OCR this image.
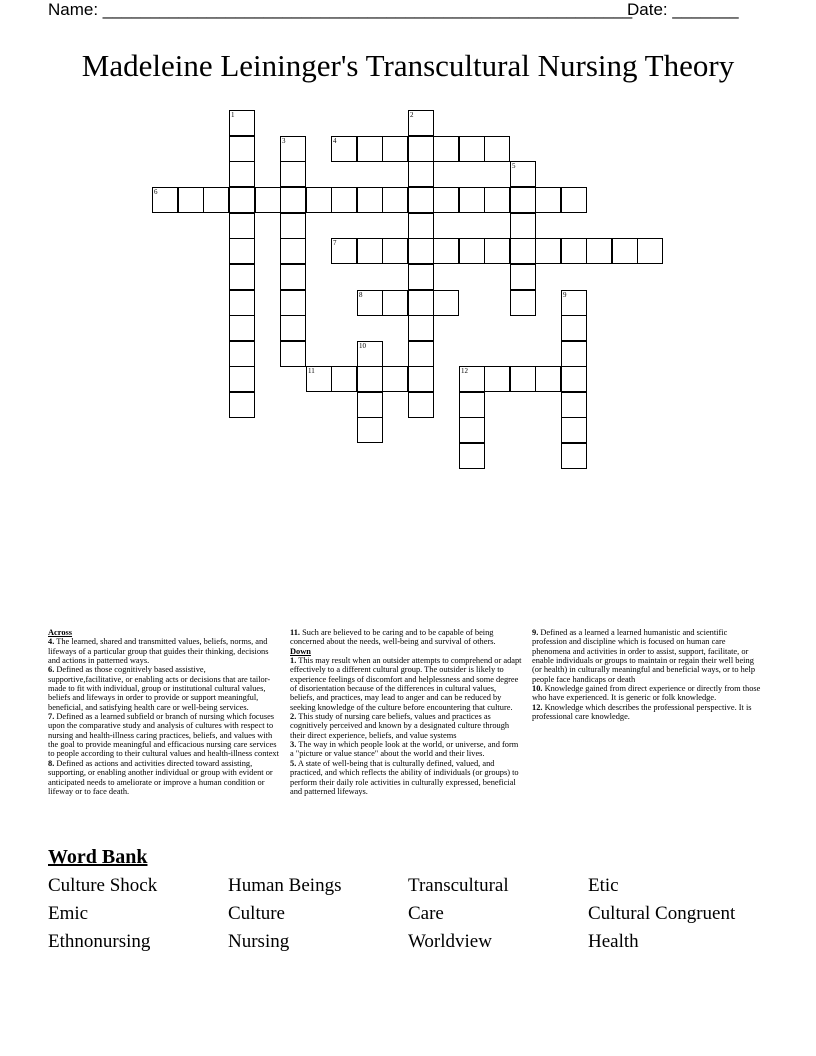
Name: ________________________________________________________
Date: _______
Madeleine Leininger's Transcultural Nursing Theory
1	2
3	4
5
6
7
8	9
10
11	12
Across
4. The learned, shared and transmitted values, beliefs, norms, and lifeways of a particular group that guides their thinking, decisions and actions in patterned ways.
6. Defined as those cognitively based assistive, supportive,facilitative, or enabling acts or decisions that are tailor-made to fit with individual, group or institutional cultural values, beliefs and lifeways in order to provide or support meaningful, beneficial, and satisfying health care or well-being services.
7. Defined as a learned subfield or branch of nursing which focuses upon the comparative study and analysis of cultures with respect to nursing and health-illness caring practices, beliefs, and values with the goal to provide meaningful and efficacious nursing care services to people according to their cultural values and health-illness context
8. Defined as actions and activities directed toward assisting, supporting, or enabling another individual or group with evident or anticipated needs to ameliorate or improve a human condition or lifeway or to face death.
11. Such are believed to be caring and to be capable of being concerned about the needs, well-being and survival of others.
Down
1. This may result when an outsider attempts to comprehend or adapt effectively to a different cultural group. The outsider is likely to experience feelings of discomfort and helplessness and some degree of disorientation because of the differences in cultural values, beliefs, and practices, may lead to anger and can be reduced by seeking knowledge of the culture before encountering that culture.
2. This study of nursing care beliefs, values and practices as cognitively perceived and known by a designated culture through their direct experience, beliefs, and value systems
3. The way in which people look at the world, or universe, and form a "picture or value stance" about the world and their lives.
5. A state of well-being that is culturally defined, valued, and practiced, and which reflects the ability of individuals (or groups) to perform their daily role activities in culturally expressed, beneficial and patterned lifeways.
9. Defined as a learned a learned humanistic and scientific profession and discipline which is focused on human care phenomena and activities in order to assist, support, facilitate, or enable individuals or groups to maintain or regain their well being (or health) in culturally meaningful and beneficial ways, or to help people face handicaps or death
10. Knowledge gained from direct experience or directly from those who have experienced. It is generic or folk knowledge.
12. Knowledge which describes the professional perspective. It is professional care knowledge.
Word Bank
Culture Shock	Human Beings	Transcultural	Etic
Emic	Culture	Care	Cultural Congruent
Ethnonursing	Nursing	Worldview	Health
